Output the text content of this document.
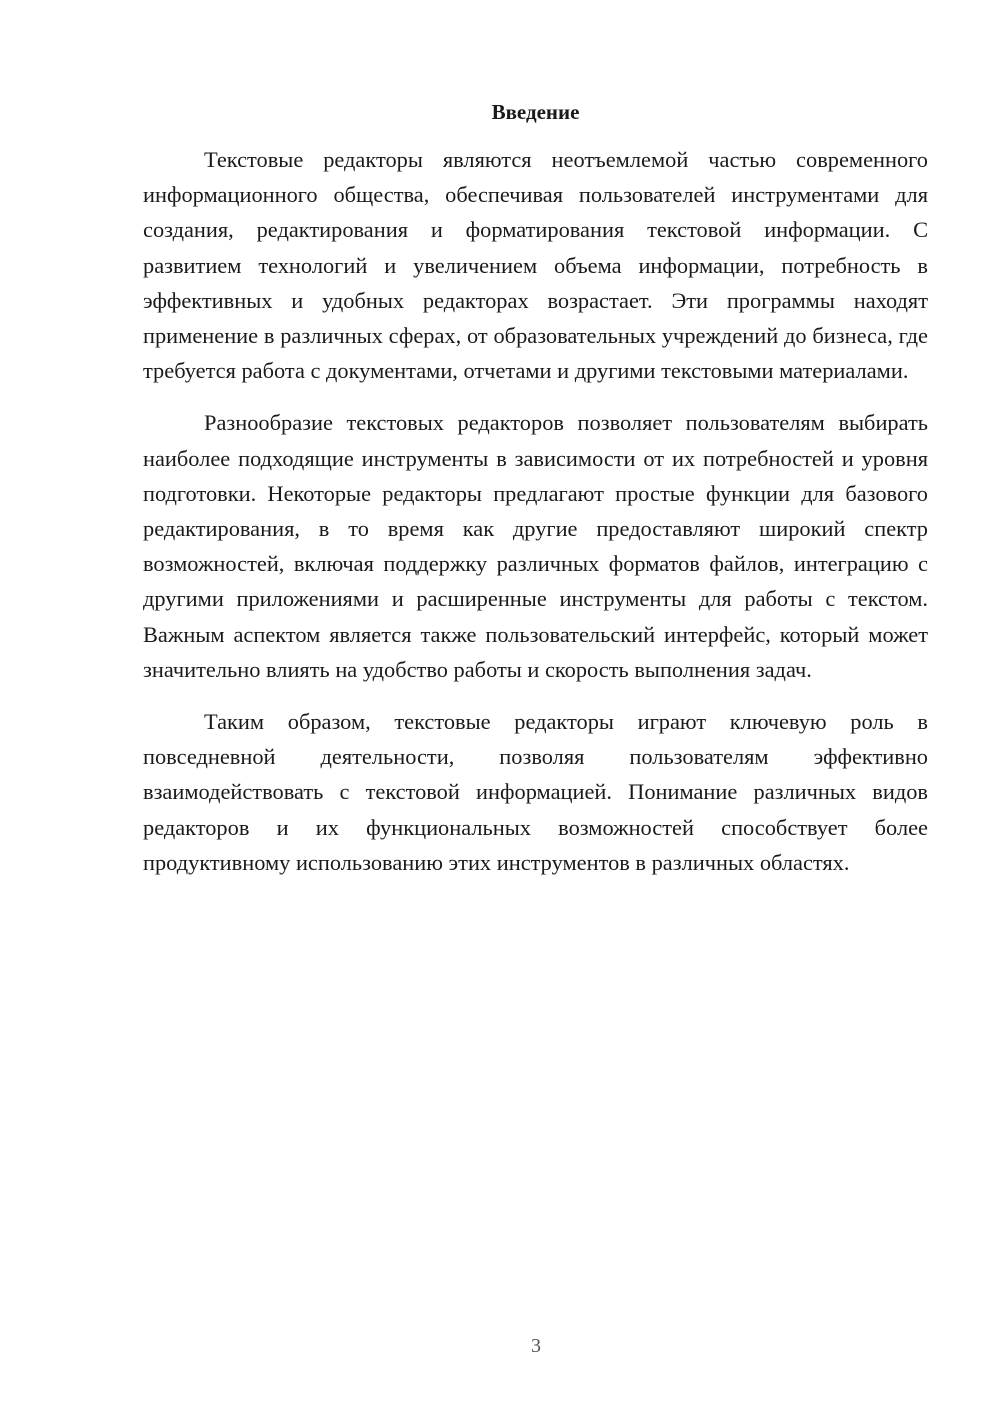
Введение

Текстовые редакторы являются неотъемлемой частью современного информационного общества, обеспечивая пользователей инструментами для создания, редактирования и форматирования текстовой информации. С развитием технологий и увеличением объема информации, потребность в эффективных и удобных редакторах возрастает. Эти программы находят применение в различных сферах, от образовательных учреждений до бизнеса, где требуется работа с документами, отчетами и другими текстовыми материалами.

Разнообразие текстовых редакторов позволяет пользователям выбирать наиболее подходящие инструменты в зависимости от их потребностей и уровня подготовки. Некоторые редакторы предлагают простые функции для базового редактирования, в то время как другие предоставляют широкий спектр возможностей, включая поддержку различных форматов файлов, интеграцию с другими приложениями и расширенные инструменты для работы с текстом. Важным аспектом является также пользовательский интерфейс, который может значительно влиять на удобство работы и скорость выполнения задач.

Таким образом, текстовые редакторы играют ключевую роль в повседневной деятельности, позволяя пользователям эффективно взаимодействовать с текстовой информацией. Понимание различных видов редакторов и их функциональных возможностей способствует более продуктивному использованию этих инструментов в различных областях.

3
